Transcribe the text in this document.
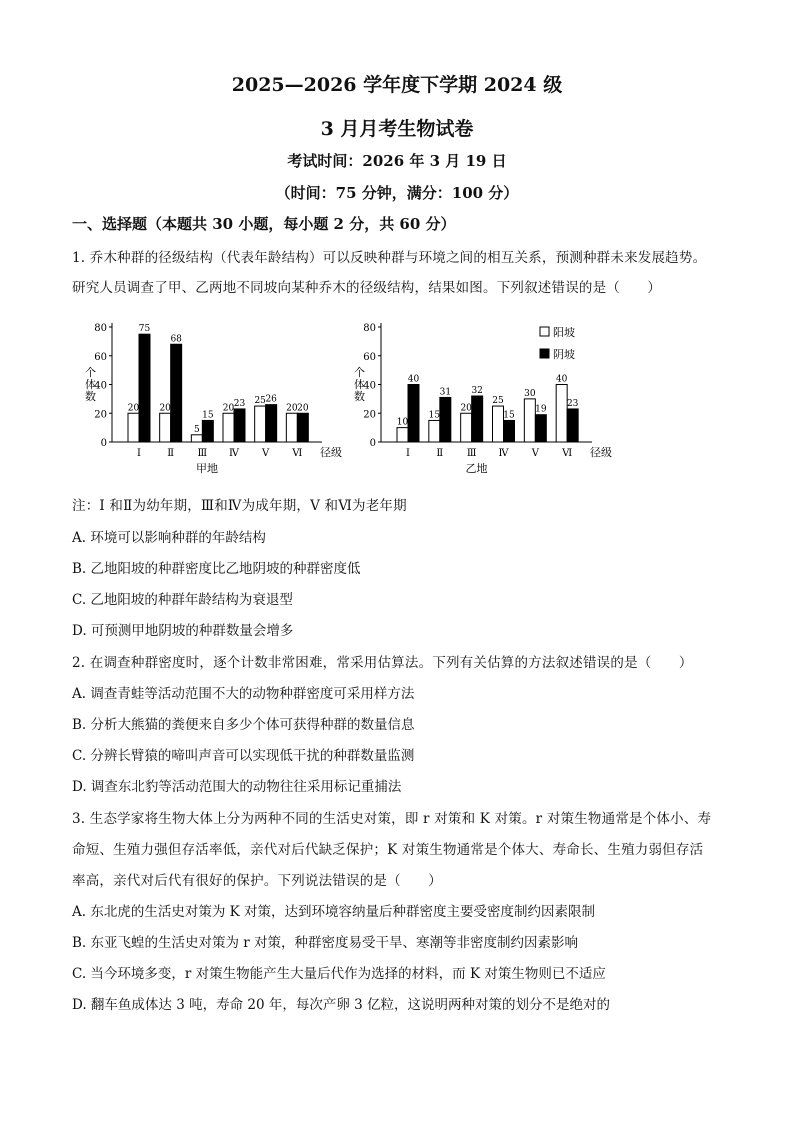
2025—2026 学年度下学期 2024 级
3 月月考生物试卷
考试时间：2026 年 3 月 19 日
（时间：75 分钟，满分：100 分）
一、选择题（本题共 30 小题，每小题 2 分，共 60 分）
1. 乔木种群的径级结构（代表年龄结构）可以反映种群与环境之间的相互关系，预测种群未来发展趋势。
研究人员调查了甲、乙两地不同坡向某种乔木的径级结构，结果如图。下列叙述错误的是（　　）
0
20
40
60
80
个体数
20
75
I
20
68
Ⅱ
5
15
Ⅲ
20 23
Ⅳ
25 26
V
20 20
Ⅵ 径级
甲地
0
20
40
60
80
个体数
10
40
I
15
31
Ⅱ
20
32
Ⅲ
25
15
Ⅳ
30
19
V
40
23
Ⅵ 径级
乙地
阳坡
阴坡
注：I 和Ⅱ为幼年期，Ⅲ和Ⅳ为成年期，V 和Ⅵ为老年期
A. 环境可以影响种群的年龄结构
B. 乙地阳坡的种群密度比乙地阴坡的种群密度低
C. 乙地阳坡的种群年龄结构为衰退型
D. 可预测甲地阴坡的种群数量会增多
2. 在调查种群密度时，逐个计数非常困难，常采用估算法。下列有关估算的方法叙述错误的是（　　）
A. 调查青蛙等活动范围不大的动物种群密度可采用样方法
B. 分析大熊猫的粪便来自多少个体可获得种群的数量信息
C. 分辨长臂猿的啼叫声音可以实现低干扰的种群数量监测
D. 调查东北豹等活动范围大的动物往往采用标记重捕法
3. 生态学家将生物大体上分为两种不同的生活史对策，即 r 对策和 K 对策。r 对策生物通常是个体小、寿
命短、生殖力强但存活率低，亲代对后代缺乏保护；K 对策生物通常是个体大、寿命长、生殖力弱但存活
率高，亲代对后代有很好的保护。下列说法错误的是（　　）
A. 东北虎的生活史对策为 K 对策，达到环境容纳量后种群密度主要受密度制约因素限制
B. 东亚飞蝗的生活史对策为 r 对策，种群密度易受干旱、寒潮等非密度制约因素影响
C. 当今环境多变，r 对策生物能产生大量后代作为选择的材料，而 K 对策生物则已不适应
D. 翻车鱼成体达 3 吨，寿命 20 年，每次产卵 3 亿粒，这说明两种对策的划分不是绝对的
